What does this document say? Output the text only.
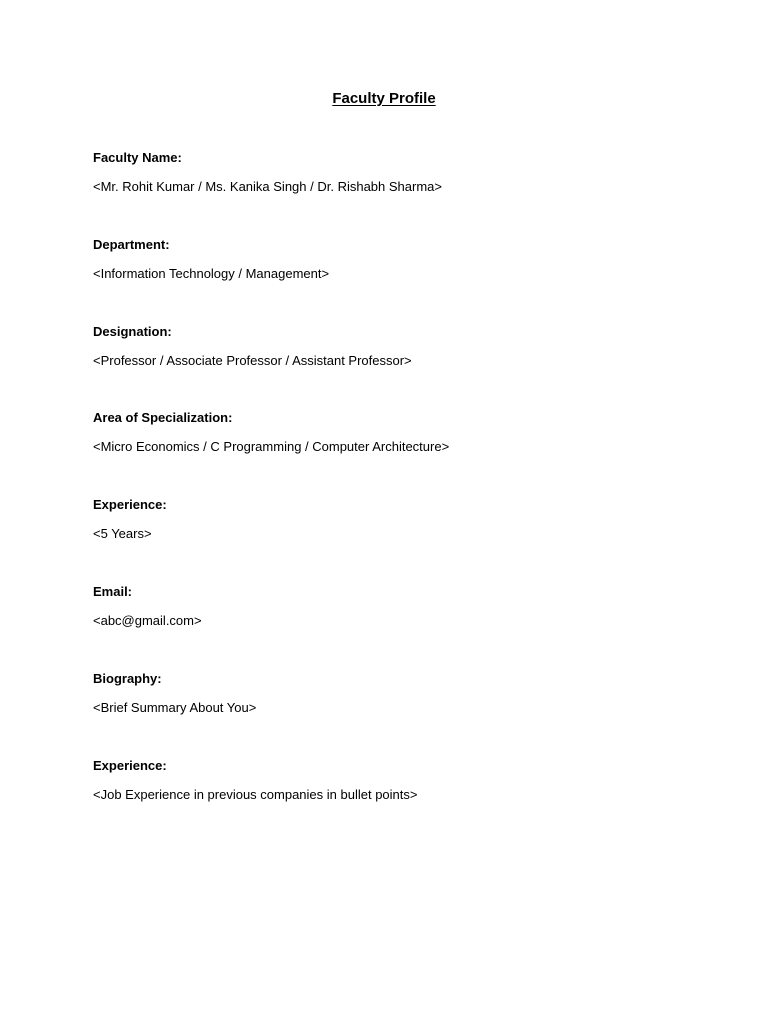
Faculty Profile
Faculty Name:
<Mr. Rohit Kumar / Ms. Kanika Singh / Dr. Rishabh Sharma>
Department:
<Information Technology / Management>
Designation:
<Professor / Associate Professor / Assistant Professor>
Area of Specialization:
<Micro Economics / C Programming / Computer Architecture>
Experience:
<5 Years>
Email:
<abc@gmail.com>
Biography:
<Brief Summary About You>
Experience:
<Job Experience in previous companies in bullet points>
